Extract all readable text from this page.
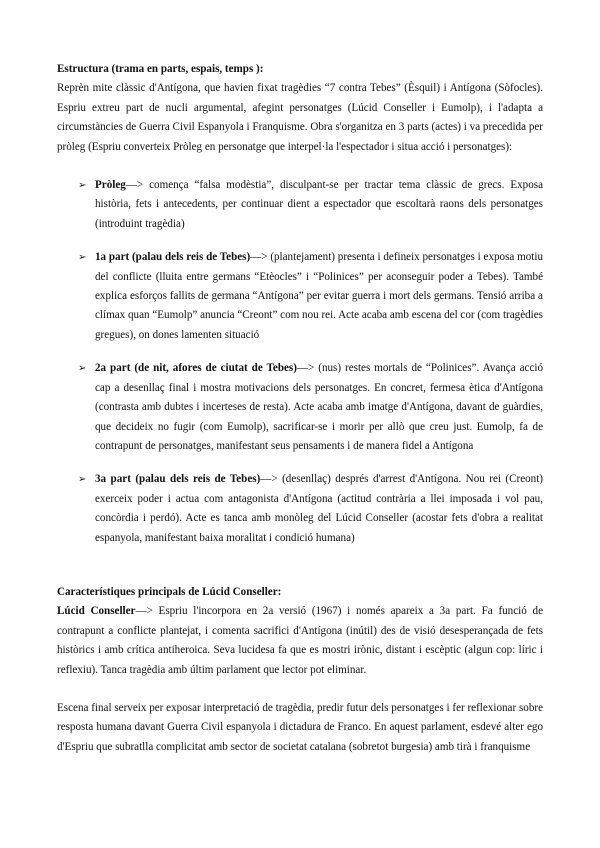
Estructura (trama en parts, espais, temps ):

Reprèn mite clàssic d'Antígona, que havien fixat tragèdies “7 contra Tebes” (Èsquil) i Antígona (Sòfocles). Espriu extreu part de nucli argumental, afegint personatges (Lúcid Conseller i Eumolp), i l'adapta a circumstàncies de Guerra Civil Espanyola i Franquisme. Obra s'organitza en 3 parts (actes) i va precedida per pròleg (Espriu converteix Pròleg en personatge que interpel·la l'espectador i situa acció i personatges):

➢ Pròleg—> comença “falsa modèstia”, disculpant-se per tractar tema clàssic de grecs. Exposa història, fets i antecedents, per continuar dient a espectador que escoltarà raons dels personatges (introduint tragèdia)
➢ 1a part (palau dels reis de Tebes)—> (plantejament) presenta i defineix personatges i exposa motiu del conflicte (lluita entre germans “Etèocles” i “Polinices” per aconseguir poder a Tebes). També explica esforços fallits de germana “Antígona” per evitar guerra i mort dels germans. Tensió arriba a clímax quan “Eumolp” anuncia “Creont” com nou rei. Acte acaba amb escena del cor (com tragèdies gregues), on dones lamenten situació
➢ 2a part (de nit, afores de ciutat de Tebes)—> (nus) restes mortals de “Polinices”. Avança acció cap a desenllaç final i mostra motivacions dels personatges. En concret, fermesa ètica d'Antígona (contrasta amb dubtes i incerteses de resta). Acte acaba amb imatge d'Antígona, davant de guàrdies, que decideix no fugir (com Eumolp), sacrificar-se i morir per allò que creu just. Eumolp, fa de contrapunt de personatges, manifestant seus pensaments i de manera fidel a Antígona
➢ 3a part (palau dels reis de Tebes)—> (desenllaç) després d'arrest d'Antígona. Nou rei (Creont) exerceix poder i actua com antagonista d'Antígona (actitud contrària a llei imposada i vol pau, concòrdia i perdó). Acte es tanca amb monòleg del Lúcid Conseller (acostar fets d'obra a realitat espanyola, manifestant baixa moralitat i condició humana)

Característiques principals de Lúcid Conseller:

Lúcid Conseller—> Espriu l'incorpora en 2a versió (1967) i només apareix a 3a part. Fa funció de contrapunt a conflicte plantejat, i comenta sacrifici d'Antígona (inútil) des de visió desesperançada de fets històrics i amb crítica antiheroica. Seva lucidesa fa que es mostri irònic, distant i escèptic (algun cop: líric i reflexiu). Tanca tragèdia amb últim parlament que lector pot eliminar.

Escena final serveix per exposar interpretació de tragèdia, predir futur dels personatges i fer reflexionar sobre resposta humana davant Guerra Civil espanyola i dictadura de Franco. En aquest parlament, esdevé alter ego d'Espriu que subratlla complicitat amb sector de societat catalana (sobretot burgesia) amb tirà i franquisme
